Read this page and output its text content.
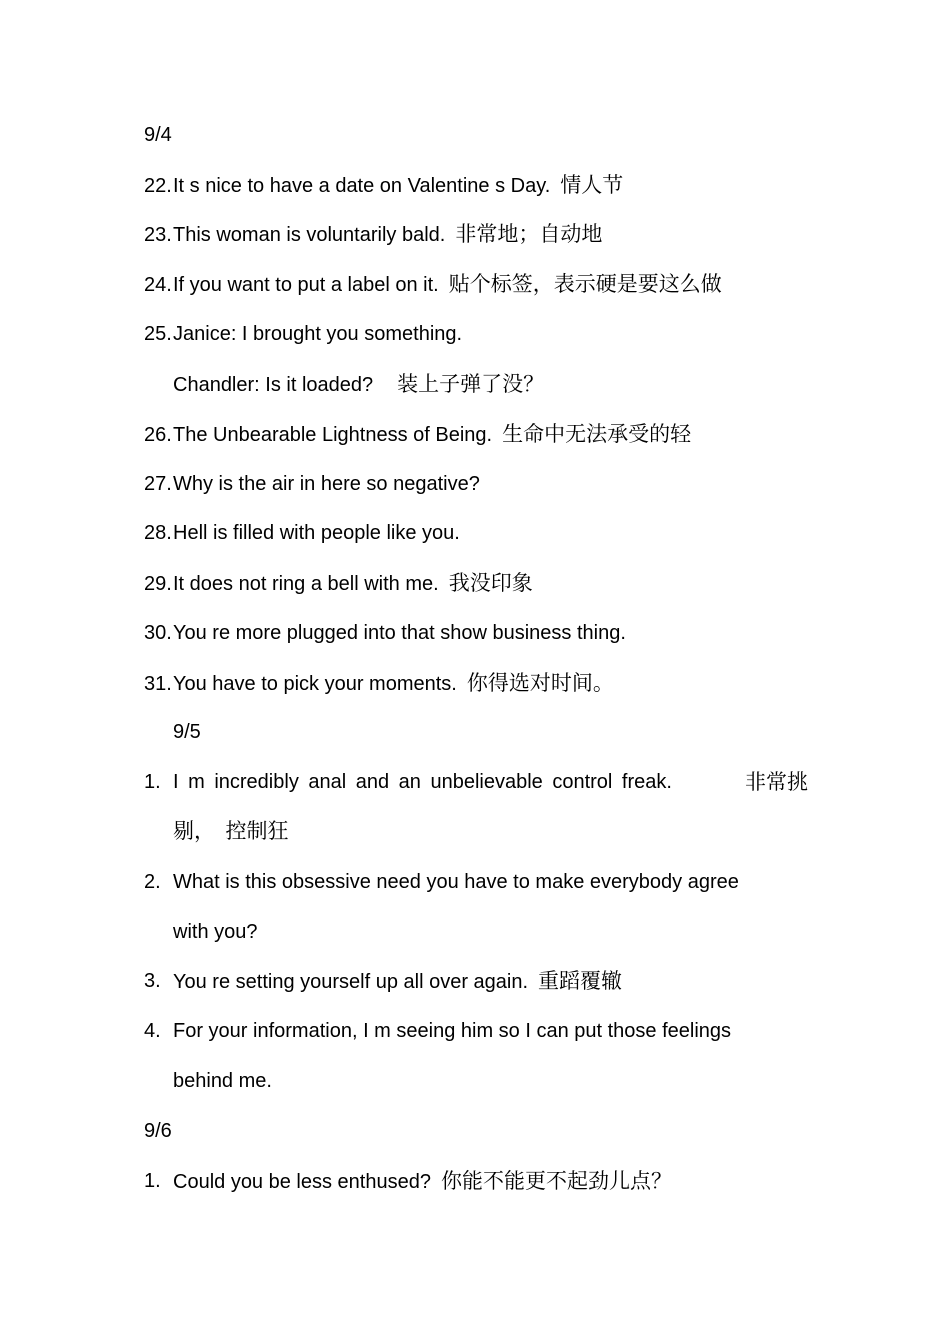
9/4
22.It s nice to have a date on Valentine s Day. 情人节
23.This woman is voluntarily bald. 非常地；自动地
24.If you want to put a label on it. 贴个标签，表示硬是要这么做
25.Janice: I brought you something.
Chandler: Is it loaded? 装上子弹了没？
26.The Unbearable Lightness of Being. 生命中无法承受的轻
27.Why is the air in here so negative?
28.Hell is filled with people like you.
29.It does not ring a bell with me. 我没印象
30.You re more plugged into that show business thing.
31.You have to pick your moments. 你得选对时间。
9/5
1. I m incredibly anal and an unbelievable control freak.	非常挑
剔，　控制狂
2. What is this obsessive need you have to make everybody agree
with you?
3. You re setting yourself up all over again. 重蹈覆辙
4. For your information, I m seeing him so I can put those feelings
behind me.
9/6
1. Could you be less enthused? 你能不能更不起劲儿点？
